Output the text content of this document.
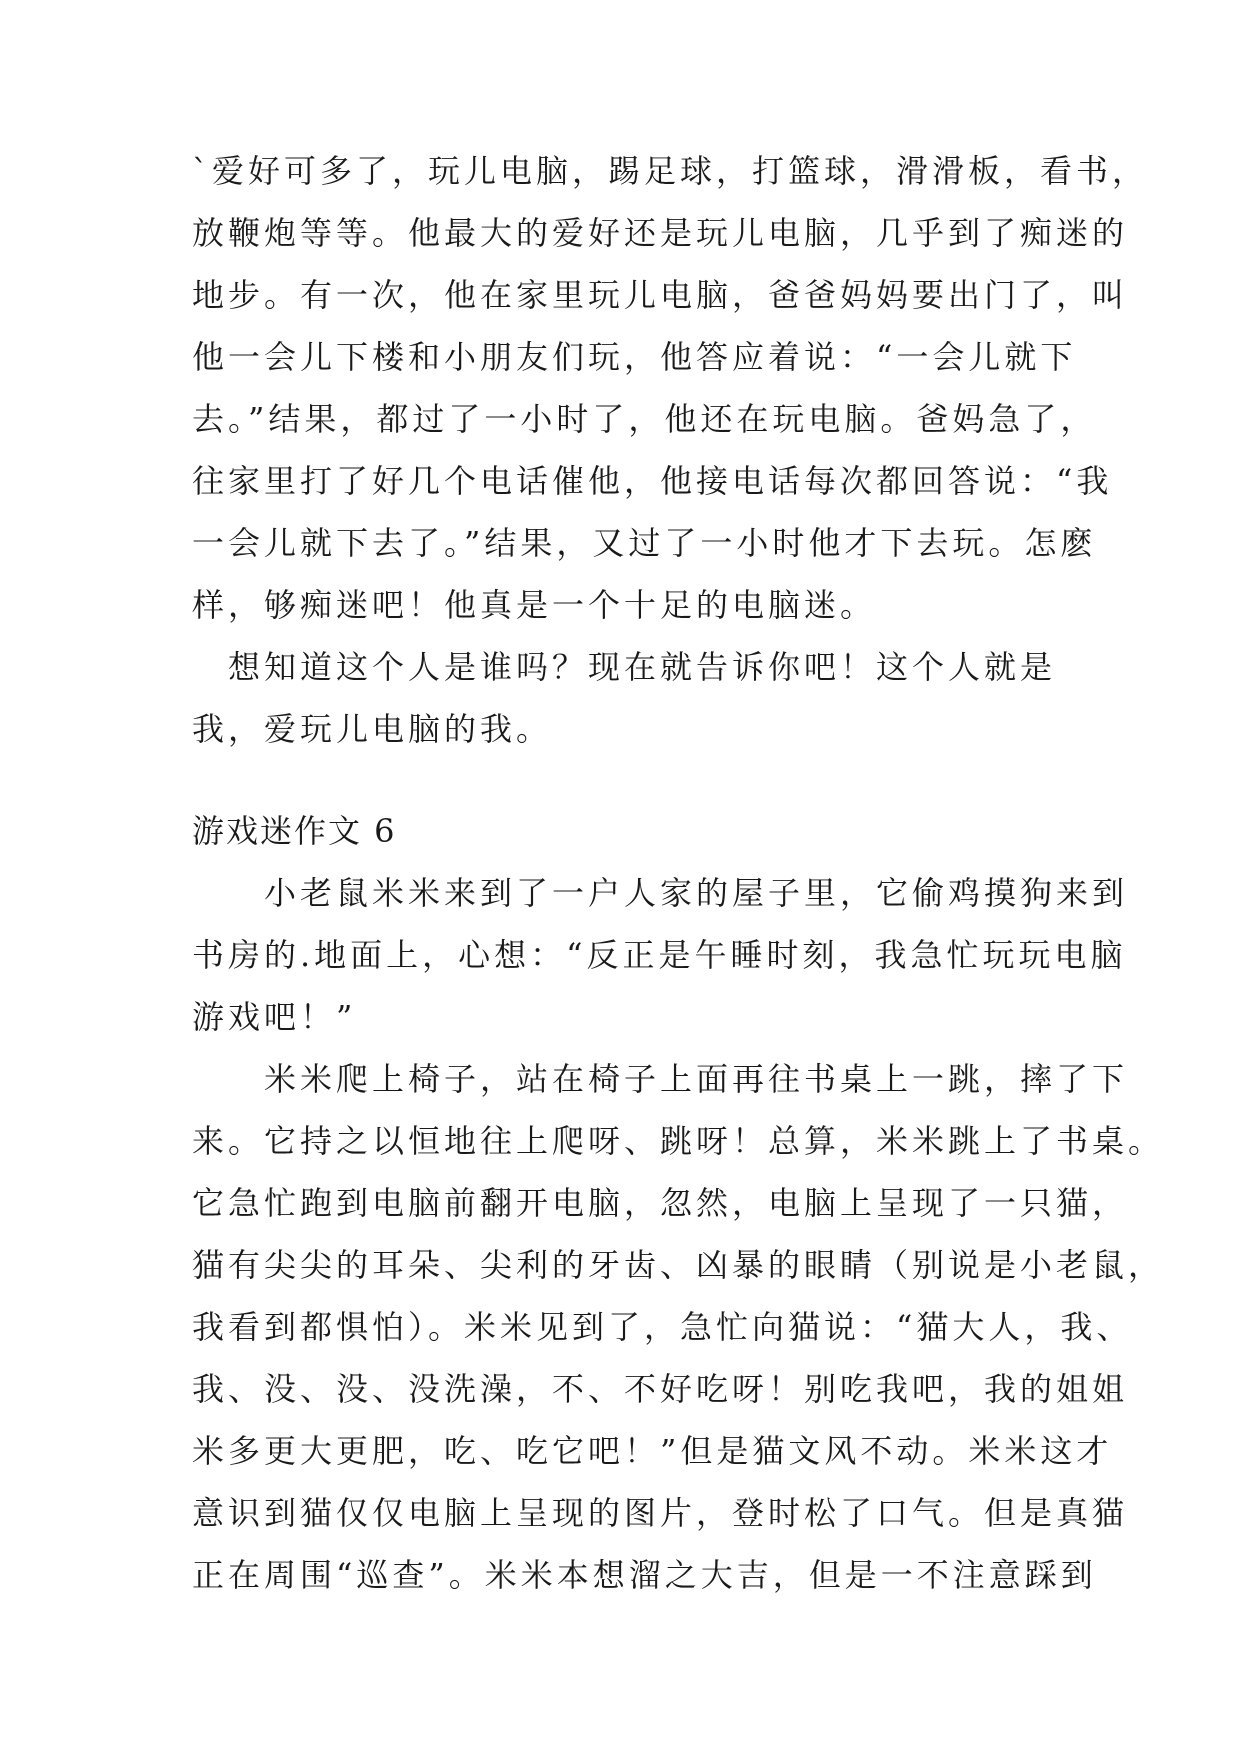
`爱好可多了，玩儿电脑，踢足球，打篮球，滑滑板，看书，
放鞭炮等等。他最大的爱好还是玩儿电脑，几乎到了痴迷的
地步。有一次，他在家里玩儿电脑，爸爸妈妈要出门了，叫
他一会儿下楼和小朋友们玩，他答应着说：“一会儿就下
去。”结果，都过了一小时了，他还在玩电脑。爸妈急了，
往家里打了好几个电话催他，他接电话每次都回答说：“我
一会儿就下去了。”结果，又过了一小时他才下去玩。怎麽
样，够痴迷吧！他真是一个十足的电脑迷。
　想知道这个人是谁吗？现在就告诉你吧！这个人就是
我，爱玩儿电脑的我。
游戏迷作文 6
　　小老鼠米米来到了一户人家的屋子里，它偷鸡摸狗来到
书房的.地面上，心想：“反正是午睡时刻，我急忙玩玩电脑
游戏吧！”
　　米米爬上椅子，站在椅子上面再往书桌上一跳，摔了下
来。它持之以恒地往上爬呀、跳呀！总算，米米跳上了书桌。
它急忙跑到电脑前翻开电脑，忽然，电脑上呈现了一只猫，
猫有尖尖的耳朵、尖利的牙齿、凶暴的眼睛（别说是小老鼠，
我看到都惧怕）。米米见到了，急忙向猫说：“猫大人，我、
我、没、没、没洗澡，不、不好吃呀！别吃我吧，我的姐姐
米多更大更肥，吃、吃它吧！”但是猫文风不动。米米这才
意识到猫仅仅电脑上呈现的图片，登时松了口气。但是真猫
正在周围“巡查”。米米本想溜之大吉，但是一不注意踩到
